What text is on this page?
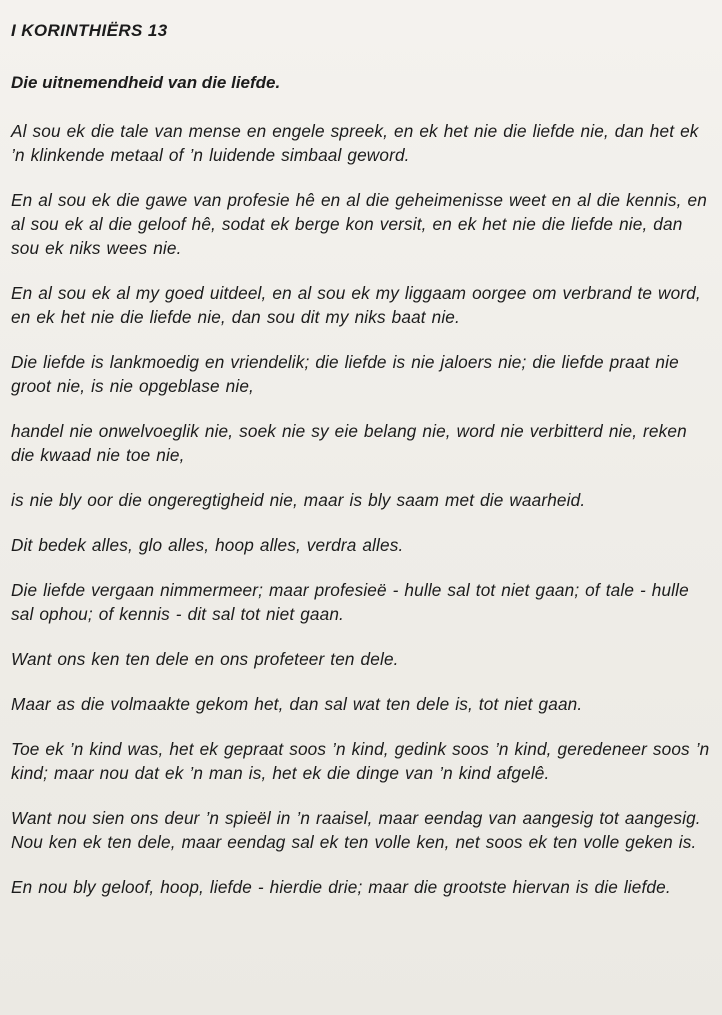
I KORINTHIËRS 13
Die uitnemendheid van die liefde.

Al sou ek die tale van mense en engele spreek, en ek het nie die liefde nie, dan het ek ’n klinkende metaal of ’n luidende simbaal geword.

En al sou ek die gawe van profesie hê en al die geheimenisse weet en al die kennis, en al sou ek al die geloof hê, sodat ek berge kon versit, en ek het nie die liefde nie, dan sou ek niks wees nie.

En al sou ek al my goed uitdeel, en al sou ek my liggaam oorgee om verbrand te word, en ek het nie die liefde nie, dan sou dit my niks baat nie.

Die liefde is lankmoedig en vriendelik; die liefde is nie jaloers nie; die liefde praat nie groot nie, is nie opgeblase nie,

handel nie onwelvoeglik nie, soek nie sy eie belang nie, word nie verbitterd nie, reken die kwaad nie toe nie,

is nie bly oor die ongeregtigheid nie, maar is bly saam met die waarheid.

Dit bedek alles, glo alles, hoop alles, verdra alles.

Die liefde vergaan nimmermeer; maar profesieë - hulle sal tot niet gaan; of tale - hulle sal ophou; of kennis - dit sal tot niet gaan.

Want ons ken ten dele en ons profeteer ten dele.

Maar as die volmaakte gekom het, dan sal wat ten dele is, tot niet gaan.

Toe ek ’n kind was, het ek gepraat soos ’n kind, gedink soos ’n kind, geredeneer soos ’n kind; maar nou dat ek ’n man is, het ek die dinge van ’n kind afgelê.

Want nou sien ons deur ’n spieël in ’n raaisel, maar eendag van aangesig tot aangesig. Nou ken ek ten dele, maar eendag sal ek ten volle ken, net soos ek ten volle geken is.

En nou bly geloof, hoop, liefde - hierdie drie; maar die grootste hiervan is die liefde.
